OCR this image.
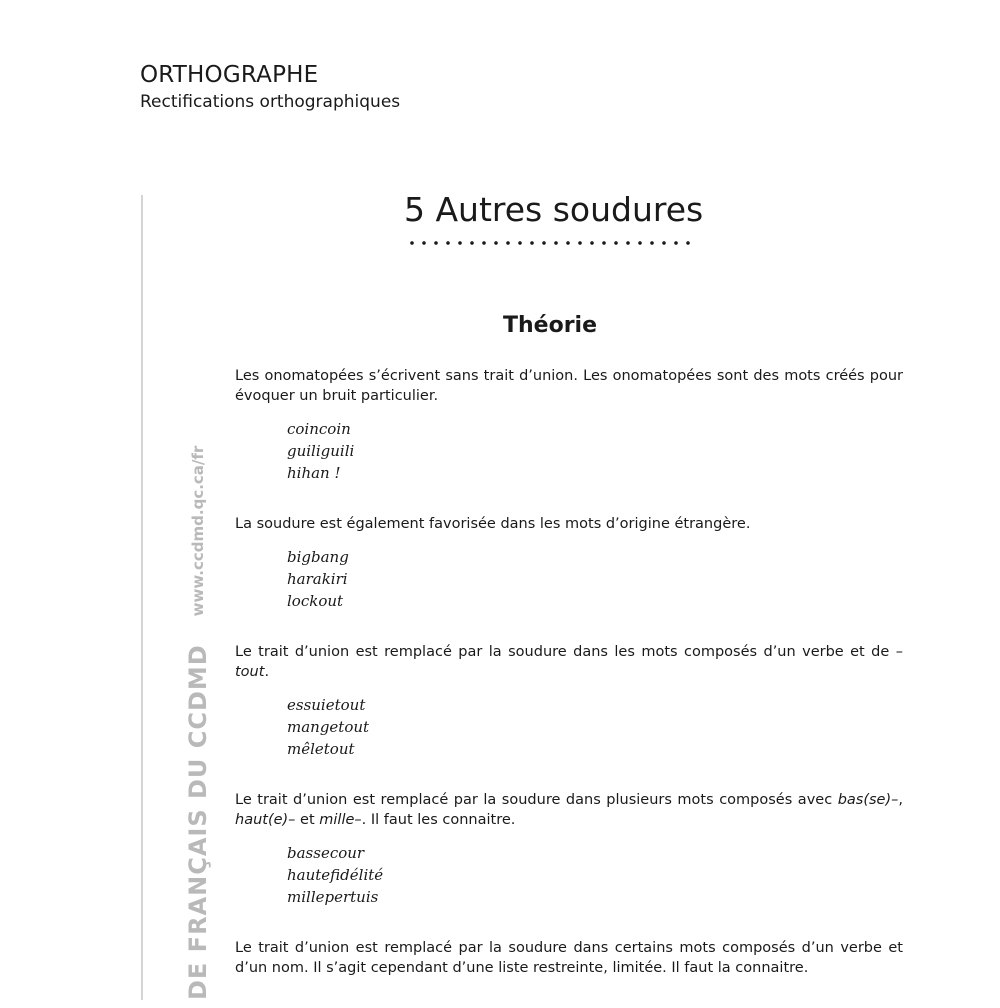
ORTHOGRAPHE
Rectifications orthographiques
DE FRANÇAIS DU CCDMD
www.ccdmd.qc.ca/fr
5 Autres soudures
Théorie

Les onomatopées s’écrivent sans trait d’union. Les onomatopées sont des mots créés pour évoquer un bruit particulier.

coincoin
guiliguili
hihan !

La soudure est également favorisée dans les mots d’origine étrangère.

bigbang
harakiri
lockout

Le trait d’union est remplacé par la soudure dans les mots composés d’un verbe et de –tout.

essuietout
mangetout
mêletout

Le trait d’union est remplacé par la soudure dans plusieurs mots composés avec bas(se)–, haut(e)– et mille–. Il faut les connaitre.

bassecour
hautefidélité
millepertuis

Le trait d’union est remplacé par la soudure dans certains mots composés d’un verbe et d’un nom. Il s’agit cependant d’une liste restreinte, limitée. Il faut la connaitre.
